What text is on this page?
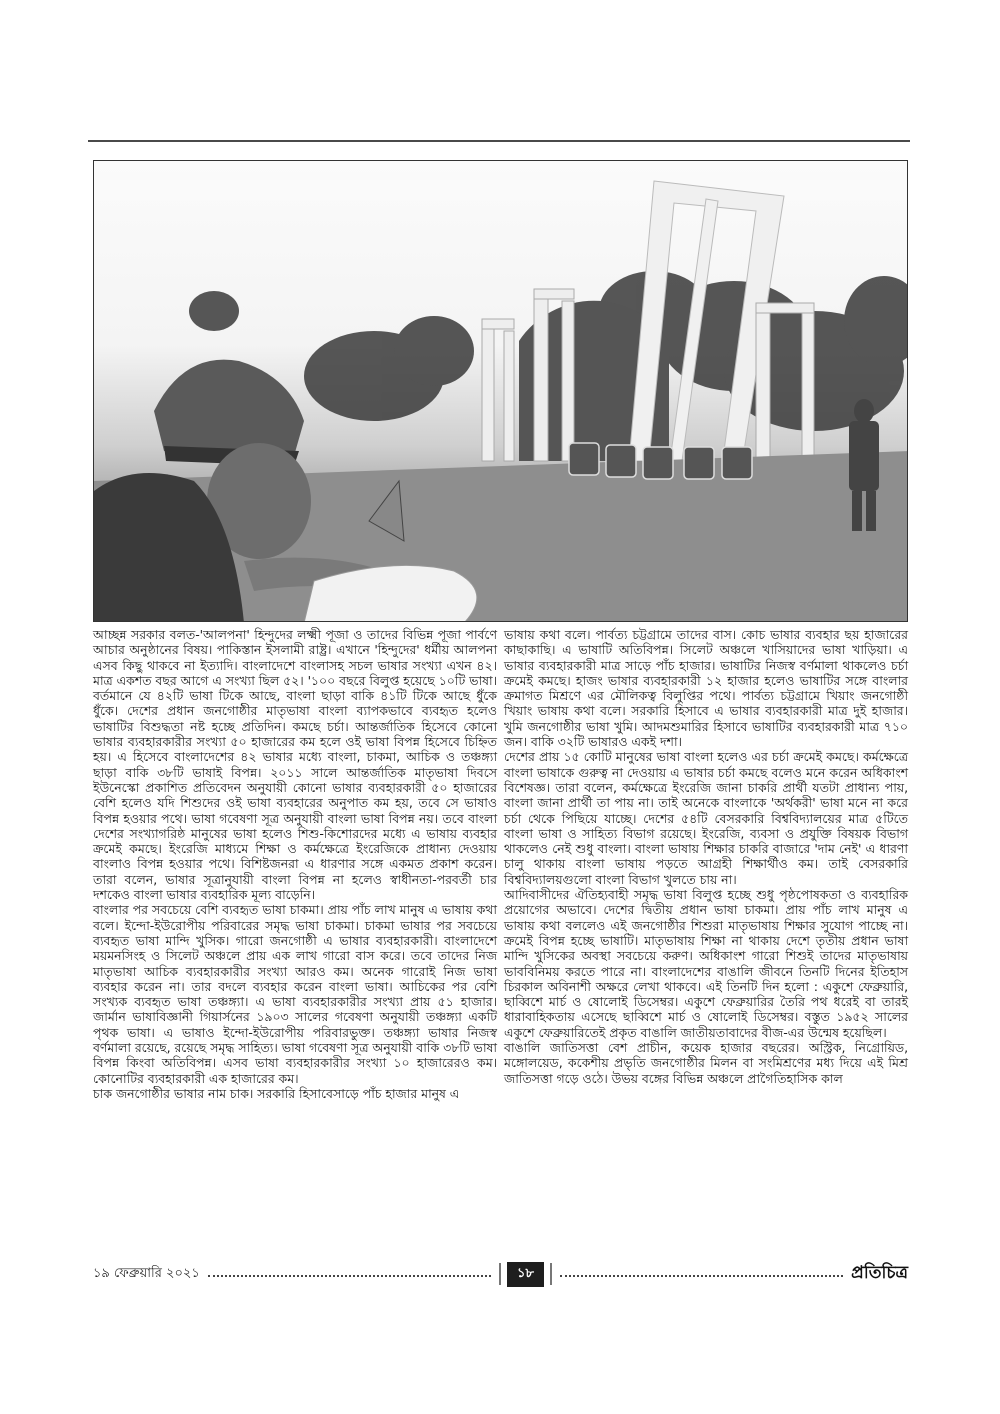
আচ্ছন্ন সরকার বলত-'আলপনা' হিন্দুদের লক্ষ্মী পূজা ও তাদের বিভিন্ন পূজা পার্বণে আচার অনুষ্ঠানের বিষয়। পাকিস্তান ইসলামী রাষ্ট্র। এখানে 'হিন্দুদের' ধর্মীয় আলপনা এসব কিছু থাকবে না ইত্যাদি। বাংলাদেশে বাংলাসহ সচল ভাষার সংখ্যা এখন ৪২। মাত্র একশত বছর আগে এ সংখ্যা ছিল ৫২। '১০০ বছরে বিলুপ্ত হয়েছে ১০টি ভাষা। বর্তমানে যে ৪২টি ভাষা টিকে আছে, বাংলা ছাড়া বাকি ৪১টি টিকে আছে ধুঁকে ধুঁকে। দেশের প্রধান জনগোষ্ঠীর মাতৃভাষা বাংলা ব্যাপকভাবে ব্যবহৃত হলেও ভাষাটির বিশুদ্ধতা নষ্ট হচ্ছে প্রতিদিন। কমছে চর্চা। আন্তর্জাতিক হিসেবে কোনো ভাষার ব্যবহারকারীর সংখ্যা ৫০ হাজারের কম হলে ওই ভাষা বিপন্ন হিসেবে চিহ্নিত হয়। এ হিসেবে বাংলাদেশের ৪২ ভাষার মধ্যে বাংলা, চাকমা, আচিক ও তঞ্চঙ্গ্যা ছাড়া বাকি ৩৮টি ভাষাই বিপন্ন। ২০১১ সালে আন্তর্জাতিক মাতৃভাষা দিবসে ইউনেস্কো প্রকাশিত প্রতিবেদন অনুযায়ী কোনো ভাষার ব্যবহারকারী ৫০ হাজারের বেশি হলেও যদি শিশুদের ওই ভাষা ব্যবহারের অনুপাত কম হয়, তবে সে ভাষাও বিপন্ন হওয়ার পথে। ভাষা গবেষণা সূত্র অনুযায়ী বাংলা ভাষা বিপন্ন নয়। তবে বাংলা দেশের সংখ্যাগরিষ্ঠ মানুষের ভাষা হলেও শিশু-কিশোরদের মধ্যে এ ভাষায় ব্যবহার ক্রমেই কমছে। ইংরেজি মাধ্যমে শিক্ষা ও কর্মক্ষেত্রে ইংরেজিকে প্রাধান্য দেওয়ায় বাংলাও বিপন্ন হওয়ার পথে। বিশিষ্টজনরা এ ধারণার সঙ্গে একমত প্রকাশ করেন। তারা বলেন, ভাষার সূত্রানুযায়ী বাংলা বিপন্ন না হলেও স্বাধীনতা-পরবর্তী চার দশকেও বাংলা ভাষার ব্যবহারিক মূল্য বাড়েনি।

বাংলার পর সবচেয়ে বেশি ব্যবহৃত ভাষা চাকমা। প্রায় পাঁচ লাখ মানুষ এ ভাষায় কথা বলে। ইন্দো-ইউরোপীয় পরিবারের সমৃদ্ধ ভাষা চাকমা। চাকমা ভাষার পর সবচেয়ে ব্যবহৃত ভাষা মান্দি খুসিক। গারো জনগোষ্ঠী এ ভাষার ব্যবহারকারী। বাংলাদেশে ময়মনসিংহ ও সিলেট অঞ্চলে প্রায় এক লাখ গারো বাস করে। তবে তাদের নিজ মাতৃভাষা আচিক ব্যবহারকারীর সংখ্যা আরও কম। অনেক গারোই নিজ ভাষা ব্যবহার করেন না। তার বদলে ব্যবহার করেন বাংলা ভাষা। আচিকের পর বেশি সংখ্যক ব্যবহৃত ভাষা তঞ্চঙ্গ্যা। এ ভাষা ব্যবহারকারীর সংখ্যা প্রায় ৫১ হাজার। জার্মান ভাষাবিজ্ঞানী গিয়ার্সনের ১৯০৩ সালের গবেষণা অনুযায়ী তঞ্চঙ্গ্যা একটি পৃথক ভাষা। এ ভাষাও ইন্দো-ইউরোপীয় পরিবারভুক্ত। তঞ্চঙ্গ্যা ভাষার নিজস্ব বর্ণমালা রয়েছে, রয়েছে সমৃদ্ধ সাহিত্য। ভাষা গবেষণা সূত্র অনুযায়ী বাকি ৩৮টি ভাষা বিপন্ন কিংবা অতিবিপন্ন। এসব ভাষা ব্যবহারকারীর সংখ্যা ১০ হাজারেরও কম। কোনোটির ব্যবহারকারী এক হাজারের কম।

চাক জনগোষ্ঠীর ভাষার নাম চাক। সরকারি হিসাবেসাড়ে পাঁচ হাজার মানুষ এ

ভাষায় কথা বলে। পার্বত্য চট্টগ্রামে তাদের বাস। কোচ ভাষার ব্যবহার ছয় হাজারের কাছাকাছি। এ ভাষাটি অতিবিপন্ন। সিলেট অঞ্চলে খাসিয়াদের ভাষা খাড়িয়া। এ ভাষার ব্যবহারকারী মাত্র সাড়ে পাঁচ হাজার। ভাষাটির নিজস্ব বর্ণমালা থাকলেও চর্চা ক্রমেই কমছে। হাজং ভাষার ব্যবহারকারী ১২ হাজার হলেও ভাষাটির সঙ্গে বাংলার ক্রমাগত মিশ্রণে এর মৌলিকত্ব বিলুপ্তির পথে। পার্বত্য চট্টগ্রামে খিয়াং জনগোষ্ঠী খিয়াং ভাষায় কথা বলে। সরকারি হিসাবে এ ভাষার ব্যবহারকারী মাত্র দুই হাজার। খুমি জনগোষ্ঠীর ভাষা খুমি। আদমশুমারির হিসাবে ভাষাটির ব্যবহারকারী মাত্র ৭১০ জন। বাকি ৩২টি ভাষারও একই দশা।

দেশের প্রায় ১৫ কোটি মানুষের ভাষা বাংলা হলেও এর চর্চা ক্রমেই কমছে। কর্মক্ষেত্রে বাংলা ভাষাকে গুরুত্ব না দেওয়ায় এ ভাষার চর্চা কমছে বলেও মনে করেন অধিকাংশ বিশেষজ্ঞ। তারা বলেন, কর্মক্ষেত্রে ইংরেজি জানা চাকরি প্রার্থী যতটা প্রাধান্য পায়, বাংলা জানা প্রার্থী তা পায় না। তাই অনেকে বাংলাকে 'অর্থকরী' ভাষা মনে না করে চর্চা থেকে পিছিয়ে যাচ্ছে। দেশের ৫৪টি বেসরকারি বিশ্ববিদ্যালয়ের মাত্র ৫টিতে বাংলা ভাষা ও সাহিত্য বিভাগ রয়েছে। ইংরেজি, ব্যবসা ও প্রযুক্তি বিষয়ক বিভাগ থাকলেও নেই শুধু বাংলা। বাংলা ভাষায় শিক্ষার চাকরি বাজারে 'দাম নেই' এ ধারণা চালু থাকায় বাংলা ভাষায় পড়তে আগ্রহী শিক্ষার্থীও কম। তাই বেসরকারি বিশ্ববিদ্যালয়গুলো বাংলা বিভাগ খুলতে চায় না।

আদিবাসীদের ঐতিহ্যবাহী সমৃদ্ধ ভাষা বিলুপ্ত হচ্ছে শুধু পৃষ্ঠপোষকতা ও ব্যবহারিক প্রয়োগের অভাবে। দেশের দ্বিতীয় প্রধান ভাষা চাকমা। প্রায় পাঁচ লাখ মানুষ এ ভাষায় কথা বললেও এই জনগোষ্ঠীর শিশুরা মাতৃভাষায় শিক্ষার সুযোগ পাচ্ছে না। ক্রমেই বিপন্ন হচ্ছে ভাষাটি। মাতৃভাষায় শিক্ষা না থাকায় দেশে তৃতীয় প্রধান ভাষা মান্দি খুসিকের অবস্থা সবচেয়ে করুণ। অধিকাংশ গারো শিশুই তাদের মাতৃভাষায় ভাববিনিময় করতে পারে না। বাংলাদেশের বাঙালি জীবনে তিনটি দিনের ইতিহাস চিরকাল অবিনাশী অক্ষরে লেখা থাকবে। এই তিনটি দিন হলো : একুশে ফেব্রুয়ারি, ছাব্বিশে মার্চ ও ষোলোই ডিসেম্বর। একুশে ফেব্রুয়ারির তৈরি পথ ধরেই বা তারই ধারাবাহিকতায় এসেছে ছাব্বিশে মার্চ ও ষোলোই ডিসেম্বর। বস্তুত ১৯৫২ সালের একুশে ফেব্রুয়ারিতেই প্রকৃত বাঙালি জাতীয়তাবাদের বীজ-এর উন্মেষ হয়েছিল।

বাঙালি জাতিসত্তা বেশ প্রাচীন, কয়েক হাজার বছরের। অস্ট্রিক, নিগ্রোয়িড, মঙ্গোলয়েড, ককেশীয় প্রভৃতি জনগোষ্ঠীর মিলন বা সংমিশ্রণের মধ্য দিয়ে এই মিশ্র জাতিসত্তা গড়ে ওঠে। উভয় বঙ্গের বিভিন্ন অঞ্চলে প্রাগৈতিহাসিক কাল

১৯ ফেব্রুয়ারি ২০২১	১৮	প্রতিচিত্র
